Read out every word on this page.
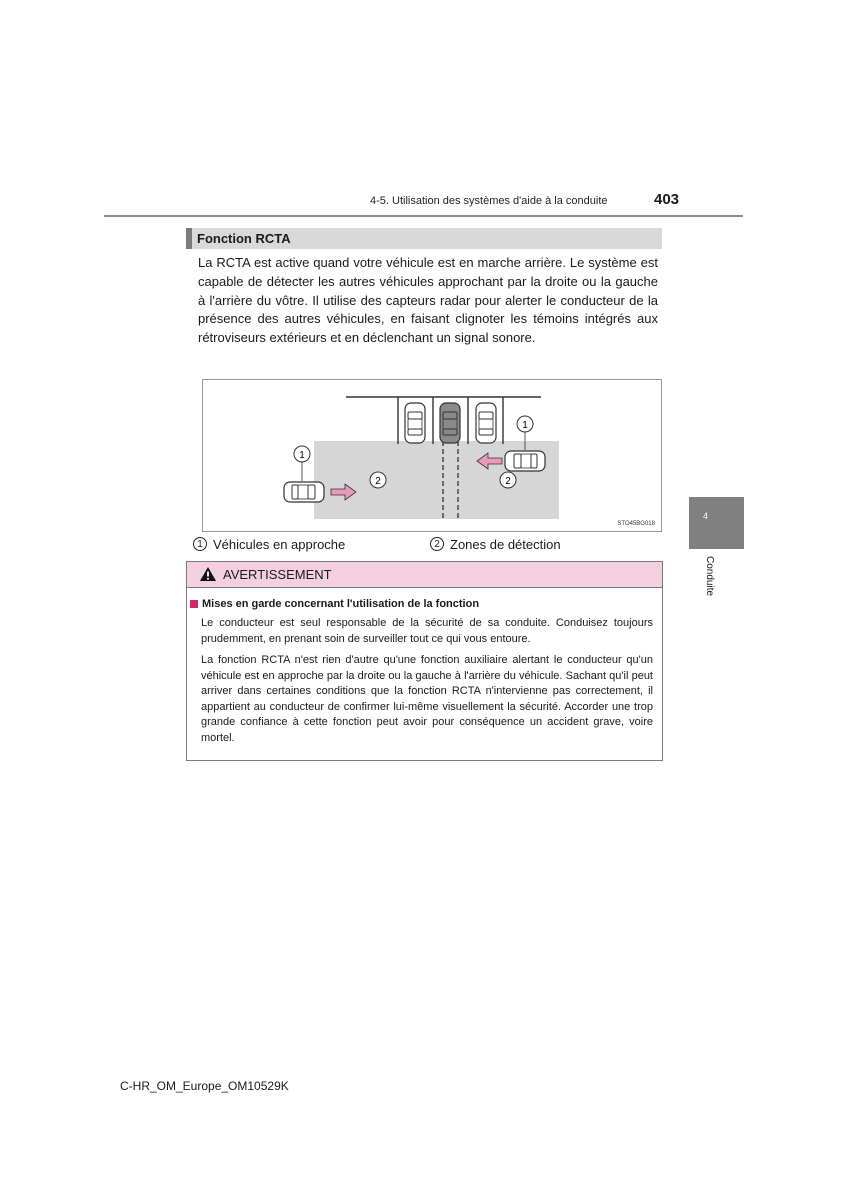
4-5. Utilisation des systèmes d'aide à la conduite	403
Fonction RCTA
La RCTA est active quand votre véhicule est en marche arrière. Le système est capable de détecter les autres véhicules approchant par la droite ou la gauche à l'arrière du vôtre. Il utilise des capteurs radar pour alerter le conducteur de la présence des autres véhicules, en faisant clignoter les témoins intégrés aux rétroviseurs extérieurs et en déclenchant un signal sonore.
1
2
1
2
STO45BG018
1 Véhicules en approche	2 Zones de détection
AVERTISSEMENT
Mises en garde concernant l'utilisation de la fonction
Le conducteur est seul responsable de la sécurité de sa conduite. Conduisez toujours prudemment, en prenant soin de surveiller tout ce qui vous entoure.
La fonction RCTA n'est rien d'autre qu'une fonction auxiliaire alertant le conducteur qu'un véhicule est en approche par la droite ou la gauche à l'arrière du véhicule. Sachant qu'il peut arriver dans certaines conditions que la fonction RCTA n'intervienne pas correctement, il appartient au conducteur de confirmer lui-même visuellement la sécurité. Accorder une trop grande confiance à cette fonction peut avoir pour conséquence un accident grave, voire mortel.
4
Conduite
C-HR_OM_Europe_OM10529K
